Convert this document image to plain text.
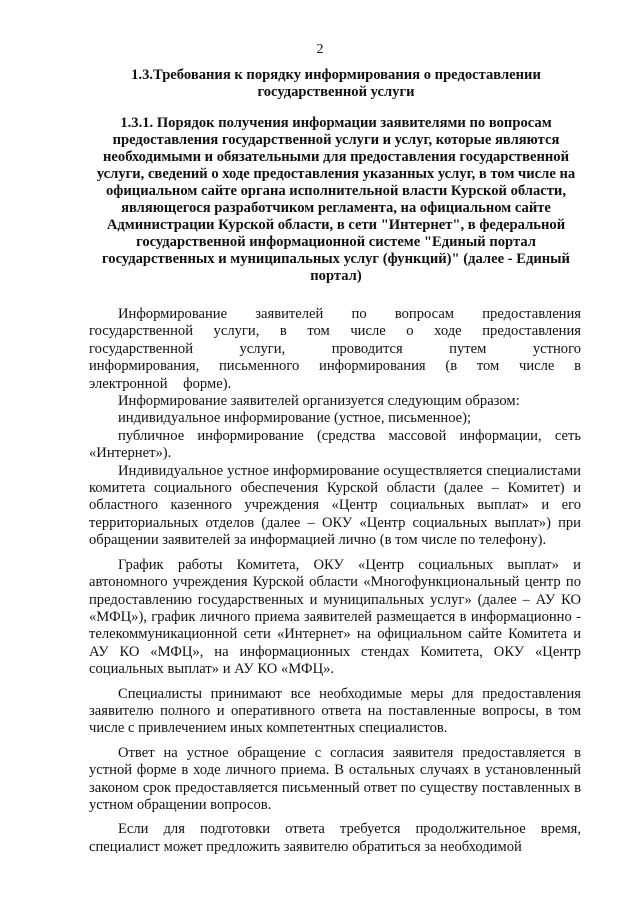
2
1.3.Требования к порядку информирования о предоставлении государственной услуги
1.3.1. Порядок получения информации заявителями по вопросам предоставления государственной услуги и услуг, которые являются необходимыми и обязательными для предоставления государственной услуги, сведений о ходе предоставления указанных услуг, в том числе на официальном сайте органа исполнительной власти Курской области, являющегося разработчиком регламента, на официальном сайте Администрации Курской области, в сети "Интернет", в федеральной государственной информационной системе "Единый портал государственных и муниципальных услуг (функций)" (далее - Единый портал)

Информирование заявителей по вопросам предоставления государственной услуги, в том числе о ходе предоставления государственной услуги, проводится путем устного информирования, письменного информирования (в том числе в электронной форме).

Информирование заявителей организуется следующим образом:

индивидуальное информирование (устное, письменное);

публичное информирование (средства массовой информации, сеть «Интернет»).

Индивидуальное устное информирование осуществляется специалистами комитета социального обеспечения Курской области (далее – Комитет) и областного казенного учреждения «Центр социальных выплат» и его территориальных отделов (далее – ОКУ «Центр социальных выплат») при обращении заявителей за информацией лично (в том числе по телефону).

График работы Комитета, ОКУ «Центр социальных выплат» и автономного учреждения Курской области «Многофункциональный центр по предоставлению государственных и муниципальных услуг» (далее – АУ КО «МФЦ»), график личного приема заявителей размещается в информационно - телекоммуникационной сети «Интернет» на официальном сайте Комитета и АУ КО «МФЦ», на информационных стендах Комитета, ОКУ «Центр социальных выплат» и АУ КО «МФЦ».

Специалисты принимают все необходимые меры для предоставления заявителю полного и оперативного ответа на поставленные вопросы, в том числе с привлечением иных компетентных специалистов.

Ответ на устное обращение с согласия заявителя предоставляется в устной форме в ходе личного приема. В остальных случаях в установленный законом срок предоставляется письменный ответ по существу поставленных в устном обращении вопросов.

Если для подготовки ответа требуется продолжительное время, специалист может предложить заявителю обратиться за необходимой
